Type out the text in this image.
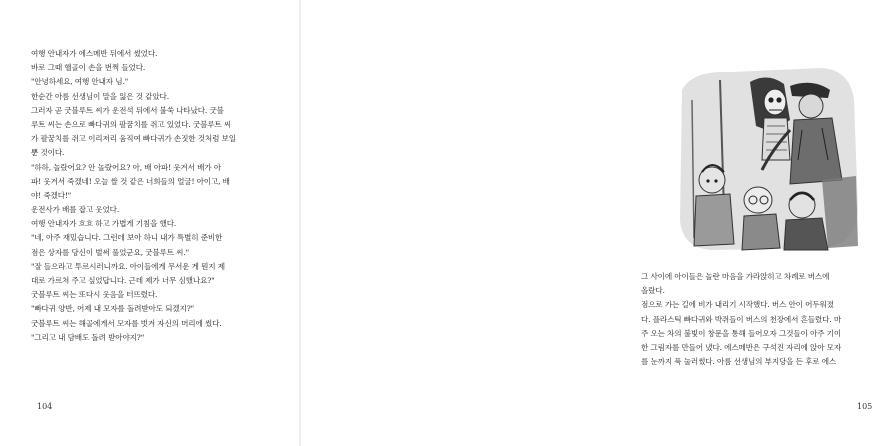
여행 안내자가 에스메반 뒤에서 썼었다.
바로 그때 핼골이 손을 번쩍 들었다.
"안녕하세요, 여행 안내자 님."
한순간 아름 선생님이 말을 잃은 것 같았다.
그러자 곧 굿블루트 씨가 운전석 뒤에서 불쑥 나타났다. 굿블
루트 씨는 손으로 빠다귀의 팔꿈치를 쥐고 있었다. 굿블루트 씨
가 팔꿈치를 쥐고 이리저리 움직여 빠다귀가 손짓한 것처럼 보일
뿐 것이다.
"하하, 놀랐어요? 안 놀랐어요? 아, 배 아파! 웃겨서 배가 아
파! 웃겨서 죽겠네! 오늘 쌀 것 같은 너희들의 얼굴! 아이고, 배
야! 죽겠다!"
운전사가 배를 잡고 웃었다.
여행 안내자가 흐흐 하고 가볍게 기침을 했다.
"네, 아주 재밌습니다. 그런데 보아 하니 내가 특별히 준비한
점은 상자를 당신이 벌써 풀었군요, 굿블루트 씨."
"잘 들으라고 투르시러니까요. 아이들에게 무서운 게 뭔지 제
대로 가르쳐 주고 싶었답니다. 근데 제가 너무 심했나요?"
굿블루트 씨는 또다시 웃음을 터뜨렸다.
"빠다귀 양반, 어제 내 모자를 돌려받아도 되겠지?"
굿블루트 씨는 해골에게서 모자를 벗겨 자신의 머리에 썼다.
"그리고 내 담배도 돌려 받아야지?"
104
그 사이에 아이들은 놀란 마음을 가라앉히고 차례로 버스에
올랐다.
점으로 가는 길에 비가 내리기 시작했다. 버스 안이 어두워졌
다. 플라스틱 빠다귀와 박쥐들이 버스의 천장에서 흔들렸다. 마
주 오는 차의 불빛이 창문을 통해 들어오자 그것들이 아주 기이
한 그림자를 만들어 냈다. 에스메반은 구석진 자리에 앉아 모자
를 눈까지 푹 눌러썼다. 아름 선생님의 부지당을 든 후로 에스
105
